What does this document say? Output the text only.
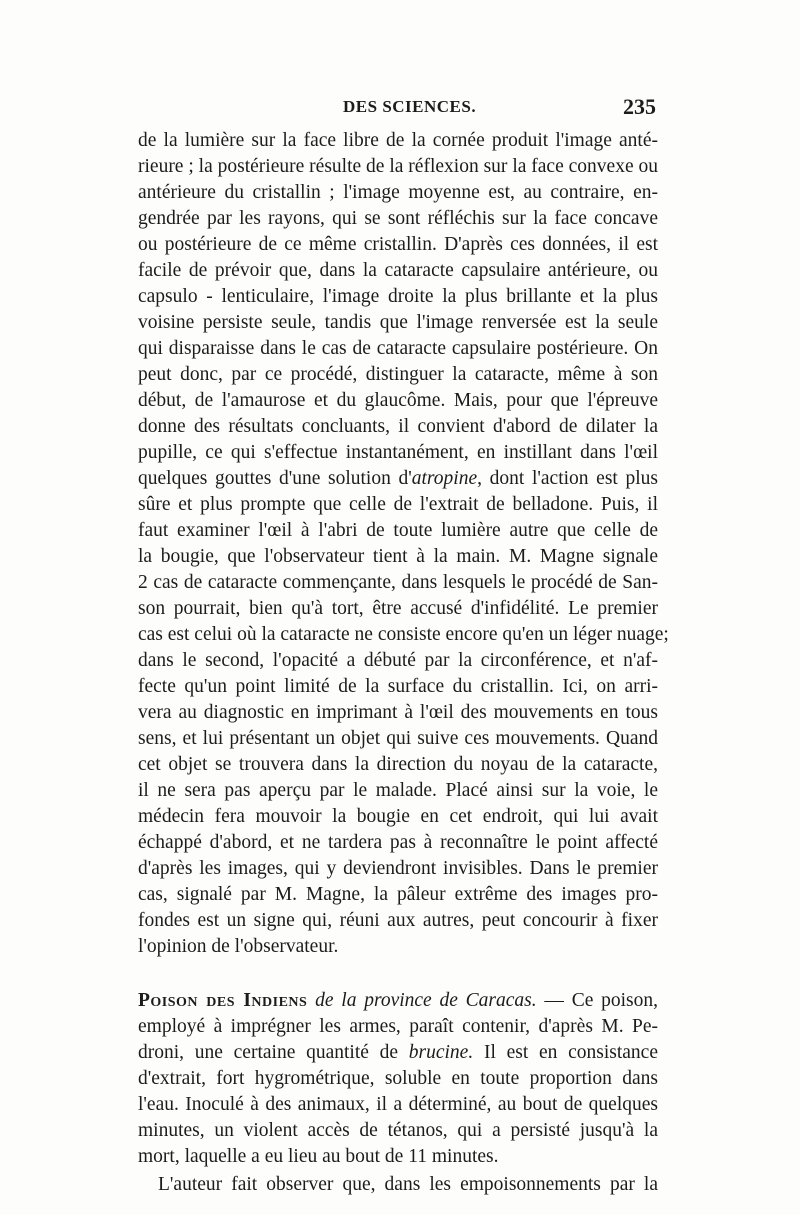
DES SCIENCES.	235
de la lumière sur la face libre de la cornée produit l'image anté-
rieure ; la postérieure résulte de la réflexion sur la face convexe ou
antérieure du cristallin ; l'image moyenne est, au contraire, en-
gendrée par les rayons, qui se sont réfléchis sur la face concave
ou postérieure de ce même cristallin. D'après ces données, il est
facile de prévoir que, dans la cataracte capsulaire antérieure, ou
capsulo - lenticulaire, l'image droite la plus brillante et la plus
voisine persiste seule, tandis que l'image renversée est la seule
qui disparaisse dans le cas de cataracte capsulaire postérieure. On
peut donc, par ce procédé, distinguer la cataracte, même à son
début, de l'amaurose et du glaucôme. Mais, pour que l'épreuve
donne des résultats concluants, il convient d'abord de dilater la
pupille, ce qui s'effectue instantanément, en instillant dans l'œil
quelques gouttes d'une solution d'atropine, dont l'action est plus
sûre et plus prompte que celle de l'extrait de belladone. Puis, il
faut examiner l'œil à l'abri de toute lumière autre que celle de
la bougie, que l'observateur tient à la main. M. Magne signale
2 cas de cataracte commençante, dans lesquels le procédé de San-
son pourrait, bien qu'à tort, être accusé d'infidélité. Le premier
cas est celui où la cataracte ne consiste encore qu'en un léger nuage;
dans le second, l'opacité a débuté par la circonférence, et n'af-
fecte qu'un point limité de la surface du cristallin. Ici, on arri-
vera au diagnostic en imprimant à l'œil des mouvements en tous
sens, et lui présentant un objet qui suive ces mouvements. Quand
cet objet se trouvera dans la direction du noyau de la cataracte,
il ne sera pas aperçu par le malade. Placé ainsi sur la voie, le
médecin fera mouvoir la bougie en cet endroit, qui lui avait
échappé d'abord, et ne tardera pas à reconnaître le point affecté
d'après les images, qui y deviendront invisibles. Dans le premier
cas, signalé par M. Magne, la pâleur extrême des images pro-
fondes est un signe qui, réuni aux autres, peut concourir à fixer
l'opinion de l'observateur.
Poison des Indiens de la province de Caracas. — Ce poison,
employé à imprégner les armes, paraît contenir, d'après M. Pe-
droni, une certaine quantité de brucine. Il est en consistance
d'extrait, fort hygrométrique, soluble en toute proportion dans
l'eau. Inoculé à des animaux, il a déterminé, au bout de quelques
minutes, un violent accès de tétanos, qui a persisté jusqu'à la
mort, laquelle a eu lieu au bout de 11 minutes.
L'auteur fait observer que, dans les empoisonnements par la
